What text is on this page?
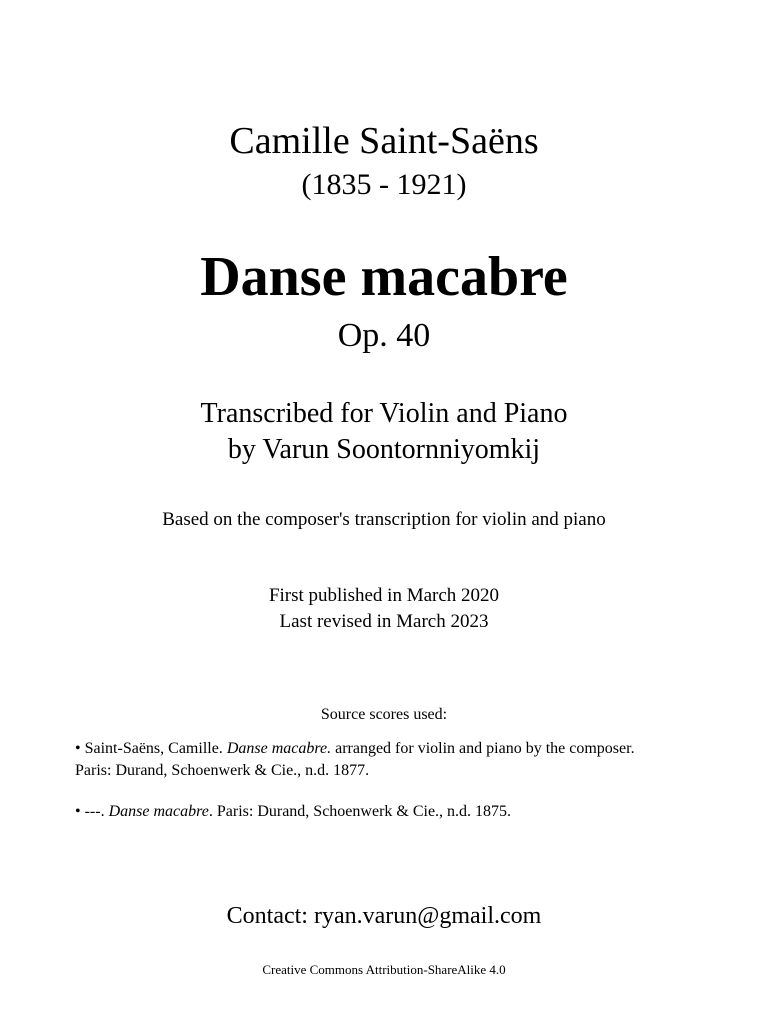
Camille Saint-Saëns
(1835 - 1921)
Danse macabre
Op. 40
Transcribed for Violin and Piano
by Varun Soontornniyomkij
Based on the composer's transcription for violin and piano
First published in March 2020
Last revised in March 2023
Source scores used:
• Saint-Saëns, Camille. Danse macabre. arranged for violin and piano by the composer.
Paris: Durand, Schoenwerk & Cie., n.d. 1877.
• ---. Danse macabre. Paris: Durand, Schoenwerk & Cie., n.d. 1875.
Contact: ryan.varun@gmail.com
Creative Commons Attribution-ShareAlike 4.0
